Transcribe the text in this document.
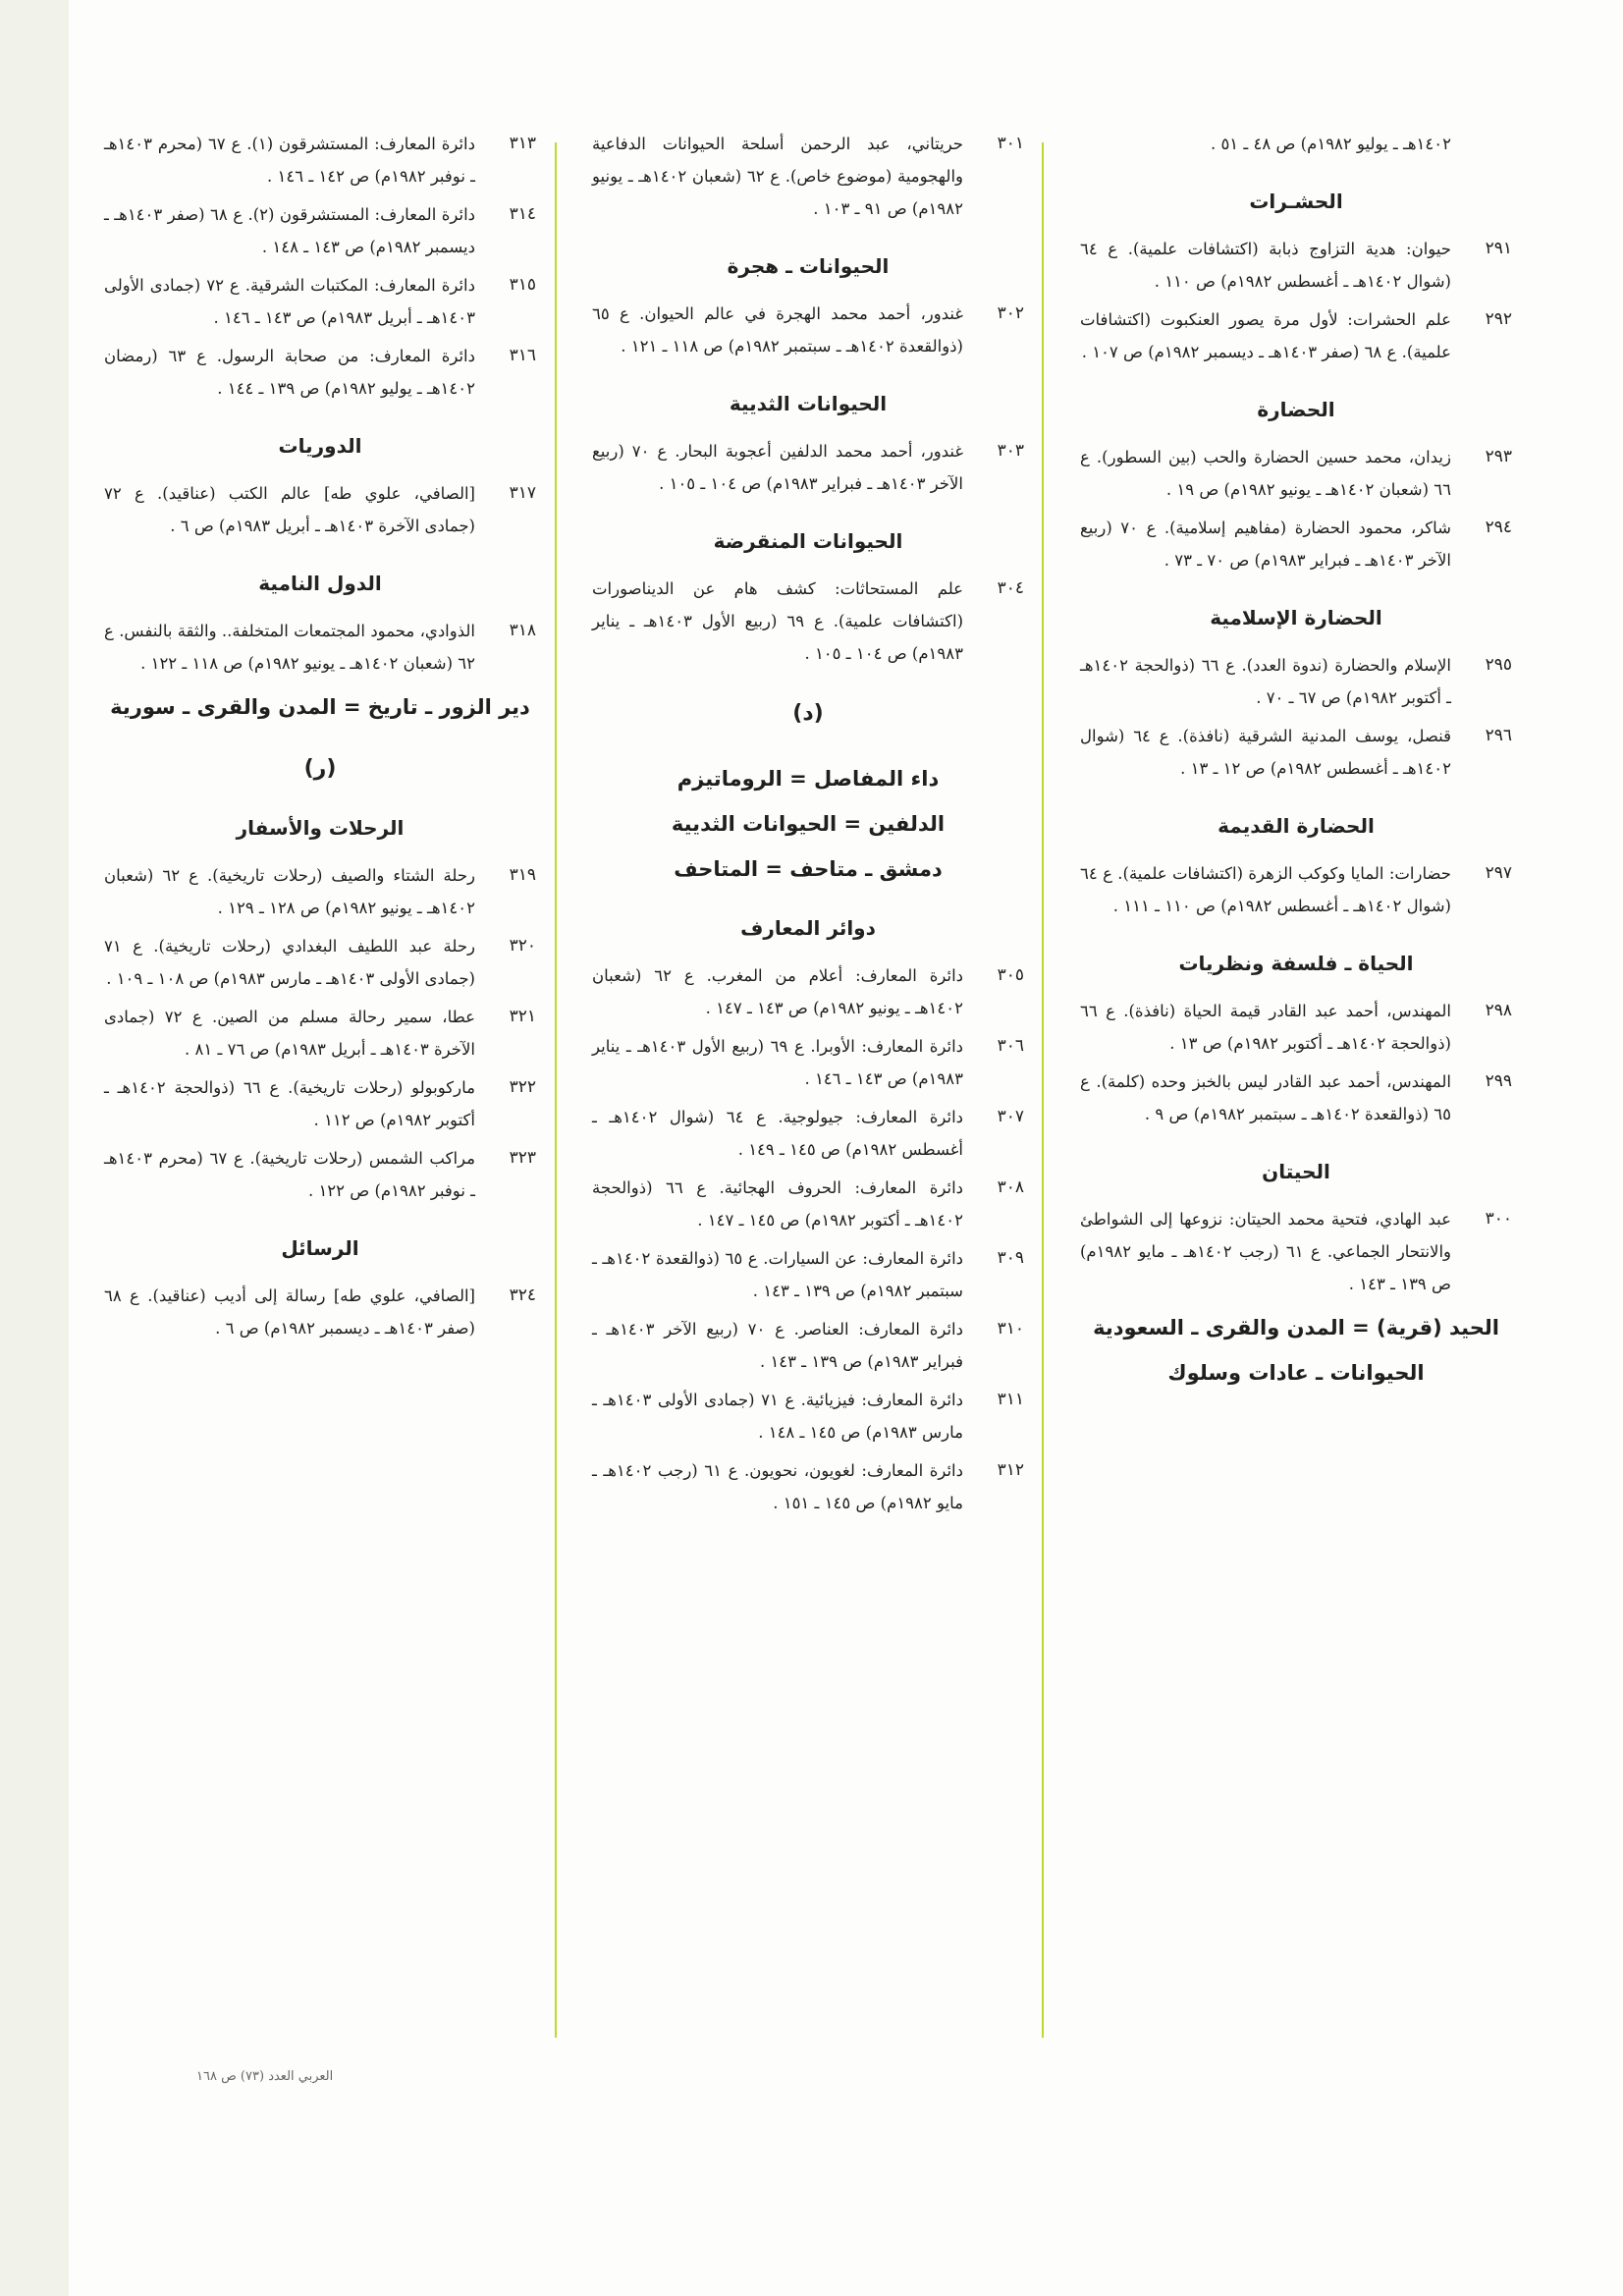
١٤٠٢هـ ـ يوليو ١٩٨٢م) ص ٤٨ ـ ٥١ .
الحشـرات
٢٩١
حيوان: هدية التزاوج ذبابة (اكتشافات علمية). ع ٦٤ (شوال ١٤٠٢هـ ـ أغسطس ١٩٨٢م) ص ١١٠ .
٢٩٢
علم الحشرات: لأول مرة يصور العنكبوت (اكتشافات علمية). ع ٦٨ (صفر ١٤٠٣هـ ـ ديسمبر ١٩٨٢م) ص ١٠٧ .
الحضارة
٢٩٣
زيدان، محمد حسين الحضارة والحب (بين السطور). ع ٦٦ (شعبان ١٤٠٢هـ ـ يونيو ١٩٨٢م) ص ١٩ .
٢٩٤
شاكر، محمود الحضارة (مفاهيم إسلامية). ع ٧٠ (ربيع الآخر ١٤٠٣هـ ـ فبراير ١٩٨٣م) ص ٧٠ ـ ٧٣ .
الحضارة الإسلامية
٢٩٥
الإسلام والحضارة (ندوة العدد). ع ٦٦ (ذوالحجة ١٤٠٢هـ ـ أكتوبر ١٩٨٢م) ص ٦٧ ـ ٧٠ .
٢٩٦
قنصل، يوسف المدنية الشرقية (نافذة). ع ٦٤ (شوال ١٤٠٢هـ ـ أغسطس ١٩٨٢م) ص ١٢ ـ ١٣ .
الحضارة القديمة
٢٩٧
حضارات: المايا وكوكب الزهرة (اكتشافات علمية). ع ٦٤ (شوال ١٤٠٢هـ ـ أغسطس ١٩٨٢م) ص ١١٠ ـ ١١١ .
الحياة ـ فلسفة ونظريات
٢٩٨
المهندس، أحمد عبد القادر قيمة الحياة (نافذة). ع ٦٦ (ذوالحجة ١٤٠٢هـ ـ أكتوبر ١٩٨٢م) ص ١٣ .
٢٩٩
المهندس، أحمد عبد القادر ليس بالخبز وحده (كلمة). ع ٦٥ (ذوالقعدة ١٤٠٢هـ ـ سبتمبر ١٩٨٢م) ص ٩ .
الحيتان
٣٠٠
عبد الهادي، فتحية محمد الحيتان: نزوعها إلى الشواطئ والانتحار الجماعي. ع ٦١ (رجب ١٤٠٢هـ ـ مايو ١٩٨٢م) ص ١٣٩ ـ ١٤٣ .
الحيد (قرية) = المدن والقرى ـ السعودية
الحيوانات ـ عادات وسلوك
٣٠١
حريتاني، عبد الرحمن أسلحة الحيوانات الدفاعية والهجومية (موضوع خاص). ع ٦٢ (شعبان ١٤٠٢هـ ـ يونيو ١٩٨٢م) ص ٩١ ـ ١٠٣ .
الحيوانات ـ هجرة
٣٠٢
غندور، أحمد محمد الهجرة في عالم الحيوان. ع ٦٥ (ذوالقعدة ١٤٠٢هـ ـ سبتمبر ١٩٨٢م) ص ١١٨ ـ ١٢١ .
الحيوانات الثديية
٣٠٣
غندور، أحمد محمد الدلفين أعجوبة البحار. ع ٧٠ (ربيع الآخر ١٤٠٣هـ ـ فبراير ١٩٨٣م) ص ١٠٤ ـ ١٠٥ .
الحيوانات المنقرضة
٣٠٤
علم المستحاثات: كشف هام عن الديناصورات (اكتشافات علمية). ع ٦٩ (ربيع الأول ١٤٠٣هـ ـ يناير ١٩٨٣م) ص ١٠٤ ـ ١٠٥ .
(د)
داء المفاصل = الروماتيزم
الدلفين = الحيوانات الثديية
دمشق ـ متاحف = المتاحف
دوائر المعارف
٣٠٥
دائرة المعارف: أعلام من المغرب. ع ٦٢ (شعبان ١٤٠٢هـ ـ يونيو ١٩٨٢م) ص ١٤٣ ـ ١٤٧ .
٣٠٦
دائرة المعارف: الأوبرا. ع ٦٩ (ربيع الأول ١٤٠٣هـ ـ يناير ١٩٨٣م) ص ١٤٣ ـ ١٤٦ .
٣٠٧
دائرة المعارف: جيولوجية. ع ٦٤ (شوال ١٤٠٢هـ ـ أغسطس ١٩٨٢م) ص ١٤٥ ـ ١٤٩ .
٣٠٨
دائرة المعارف: الحروف الهجائية. ع ٦٦ (ذوالحجة ١٤٠٢هـ ـ أكتوبر ١٩٨٢م) ص ١٤٥ ـ ١٤٧ .
٣٠٩
دائرة المعارف: عن السيارات. ع ٦٥ (ذوالقعدة ١٤٠٢هـ ـ سبتمبر ١٩٨٢م) ص ١٣٩ ـ ١٤٣ .
٣١٠
دائرة المعارف: العناصر. ع ٧٠ (ربيع الآخر ١٤٠٣هـ ـ فبراير ١٩٨٣م) ص ١٣٩ ـ ١٤٣ .
٣١١
دائرة المعارف: فيزيائية. ع ٧١ (جمادى الأولى ١٤٠٣هـ ـ مارس ١٩٨٣م) ص ١٤٥ ـ ١٤٨ .
٣١٢
دائرة المعارف: لغويون، نحويون. ع ٦١ (رجب ١٤٠٢هـ ـ مايو ١٩٨٢م) ص ١٤٥ ـ ١٥١ .
٣١٣
دائرة المعارف: المستشرقون (١). ع ٦٧ (محرم ١٤٠٣هـ ـ نوفبر ١٩٨٢م) ص ١٤٢ ـ ١٤٦ .
٣١٤
دائرة المعارف: المستشرقون (٢). ع ٦٨ (صفر ١٤٠٣هـ ـ ديسمبر ١٩٨٢م) ص ١٤٣ ـ ١٤٨ .
٣١٥
دائرة المعارف: المكتبات الشرقية. ع ٧٢ (جمادى الأولى ١٤٠٣هـ ـ أبريل ١٩٨٣م) ص ١٤٣ ـ ١٤٦ .
٣١٦
دائرة المعارف: من صحابة الرسول. ع ٦٣ (رمضان ١٤٠٢هـ ـ يوليو ١٩٨٢م) ص ١٣٩ ـ ١٤٤ .
الدوريات
٣١٧
[الصافي، علوي طه] عالم الكتب (عناقيد). ع ٧٢ (جمادى الآخرة ١٤٠٣هـ ـ أبريل ١٩٨٣م) ص ٦ .
الدول النامية
٣١٨
الذوادي، محمود المجتمعات المتخلفة.. والثقة بالنفس. ع ٦٢ (شعبان ١٤٠٢هـ ـ يونيو ١٩٨٢م) ص ١١٨ ـ ١٢٢ .
دير الزور ـ تاريخ = المدن والقرى ـ سورية
(ر)
الرحلات والأسفار
٣١٩
رحلة الشتاء والصيف (رحلات تاريخية). ع ٦٢ (شعبان ١٤٠٢هـ ـ يونيو ١٩٨٢م) ص ١٢٨ ـ ١٢٩ .
٣٢٠
رحلة عبد اللطيف البغدادي (رحلات تاريخية). ع ٧١ (جمادى الأولى ١٤٠٣هـ ـ مارس ١٩٨٣م) ص ١٠٨ ـ ١٠٩ .
٣٢١
عطا، سمير رحالة مسلم من الصين. ع ٧٢ (جمادى الآخرة ١٤٠٣هـ ـ أبريل ١٩٨٣م) ص ٧٦ ـ ٨١ .
٣٢٢
ماركوبولو (رحلات تاريخية). ع ٦٦ (ذوالحجة ١٤٠٢هـ ـ أكتوبر ١٩٨٢م) ص ١١٢ .
٣٢٣
مراكب الشمس (رحلات تاريخية). ع ٦٧ (محرم ١٤٠٣هـ ـ نوفبر ١٩٨٢م) ص ١٢٢ .
الرسائل
٣٢٤
[الصافي، علوي طه] رسالة إلى أديب (عناقيد). ع ٦٨ (صفر ١٤٠٣هـ ـ ديسمبر ١٩٨٢م) ص ٦ .
العربي العدد (٧٣) ص ١٦٨
